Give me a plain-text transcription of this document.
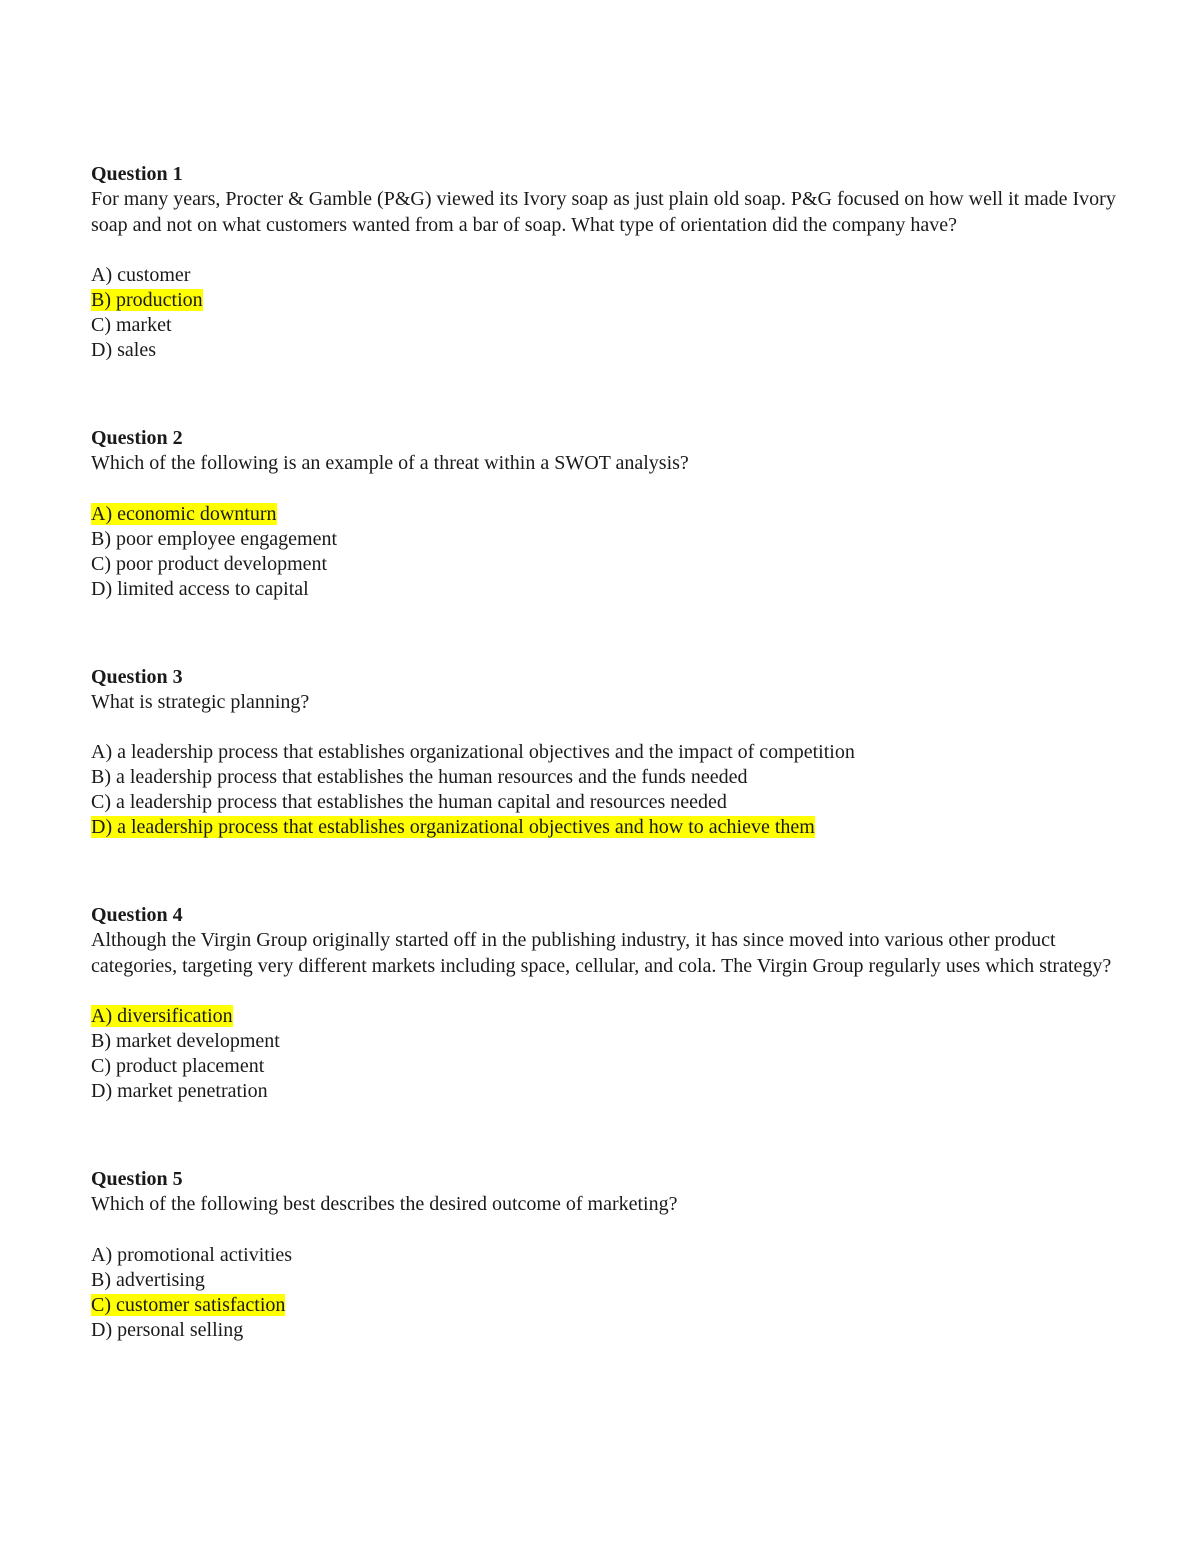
Question 1

For many years, Procter & Gamble (P&G) viewed its Ivory soap as just plain old soap. P&G focused on how well it made Ivory soap and not on what customers wanted from a bar of soap. What type of orientation did the company have?

A) customer
B) production
C) market
D) sales

Question 2

Which of the following is an example of a threat within a SWOT analysis?

A) economic downturn
B) poor employee engagement
C) poor product development
D) limited access to capital

Question 3

What is strategic planning?

A) a leadership process that establishes organizational objectives and the impact of competition
B) a leadership process that establishes the human resources and the funds needed
C) a leadership process that establishes the human capital and resources needed
D) a leadership process that establishes organizational objectives and how to achieve them

Question 4

Although the Virgin Group originally started off in the publishing industry, it has since moved into various other product categories, targeting very different markets including space, cellular, and cola. The Virgin Group regularly uses which strategy?

A) diversification
B) market development
C) product placement
D) market penetration

Question 5

Which of the following best describes the desired outcome of marketing?

A) promotional activities
B) advertising
C) customer satisfaction
D) personal selling
